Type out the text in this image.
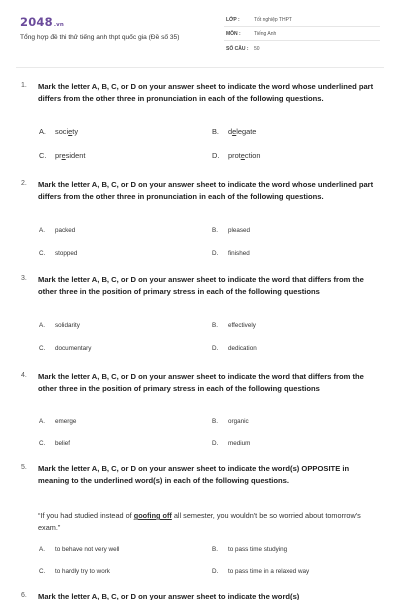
2048.vn
Tổng hợp đề thi thử tiếng anh thpt quốc gia (Đề số 35)
LỚP :	Tốt nghiệp THPT
MÔN :	Tiếng Anh
SỐ CÂU : 50
1. Mark the letter A, B, C, or D on your answer sheet to indicate the word whose underlined part differs from the other three in pronunciation in each of the following questions.
A. society	B. delegate
C. president	D. protection
2. Mark the letter A, B, C, or D on your answer sheet to indicate the word whose underlined part differs from the other three in pronunciation in each of the following questions.
A. packed	B. pleased
C. stopped	D. finished
3. Mark the letter A, B, C, or D on your answer sheet to indicate the word that differs from the other three in the position of primary stress in each of the following questions
A. solidarity	B. effectively
C. documentary	D. dedication
4. Mark the letter A, B, C, or D on your answer sheet to indicate the word that differs from the other three in the position of primary stress in each of the following questions
A. emerge	B. organic
C. belief	D. medium
5. Mark the letter A, B, C, or D on your answer sheet to indicate the word(s) OPPOSITE in meaning to the underlined word(s) in each of the following questions.
“If you had studied instead of goofing off all semester, you wouldn't be so worried about tomorrow's exam.”
A. to behave not very well	B. to pass time studying
C. to hardly try to work	D. to pass time in a relaxed way
6. Mark the letter A, B, C, or D on your answer sheet to indicate the word(s)
